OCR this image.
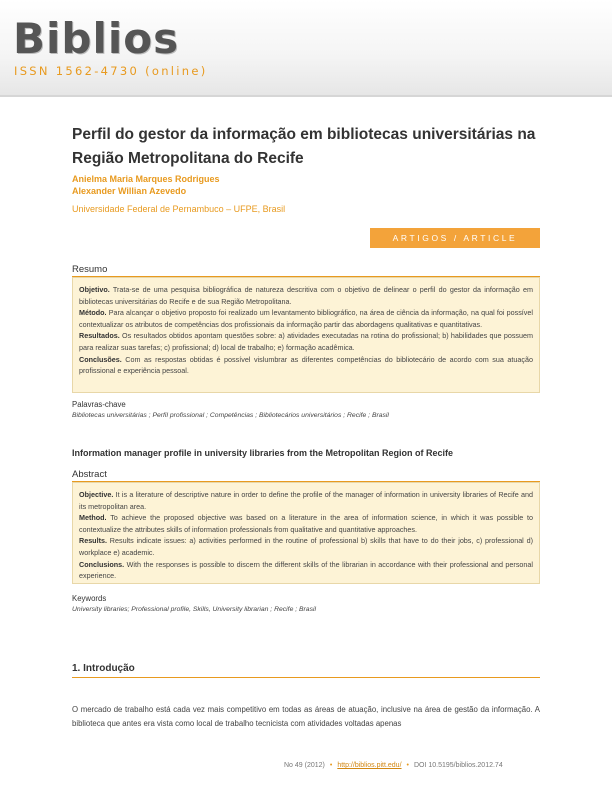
Biblios
ISSN 1562-4730 (online)
Perfil do gestor da informação em bibliotecas universitárias na Região Metropolitana do Recife
Anielma Maria Marques Rodrigues
Alexander Willian Azevedo
Universidade Federal de Pernambuco – UFPE, Brasil
ARTIGOS / ARTICLE
Resumo

Objetivo. Trata-se de uma pesquisa bibliográfica de natureza descritiva com o objetivo de delinear o perfil do gestor da informação em bibliotecas universitárias do Recife e de sua Região Metropolitana.

Método. Para alcançar o objetivo proposto foi realizado um levantamento bibliográfico, na área de ciência da informação, na qual foi possível contextualizar os atributos de competências dos profissionais da informação partir das abordagens qualitativas e quantitativas.

Resultados. Os resultados obtidos apontam questões sobre: a) atividades executadas na rotina do profissional; b) habilidades que possuem para realizar suas tarefas; c) profissional; d) local de trabalho; e) formação acadêmica.

Conclusões. Com as respostas obtidas é possível vislumbrar as diferentes competências do bibliotecário de acordo com sua atuação profissional e experiência pessoal.

Palavras-chave
Bibliotecas universitárias ; Perfil profissional ; Competências ; Bibliotecários universitários ; Recife ; Brasil
Information manager profile in university libraries from the Metropolitan Region of Recife
Abstract

Objective. It is a literature of descriptive nature in order to define the profile of the manager of information in university libraries of Recife and its metropolitan area.

Method. To achieve the proposed objective was based on a literature in the area of information science, in which it was possible to contextualize the attributes skills of information professionals from qualitative and quantitative approaches.

Results. Results indicate issues: a) activities performed in the routine of professional b) skills that have to do their jobs, c) professional d) workplace e) academic.

Conclusions. With the responses is possible to discern the different skills of the librarian in accordance with their professional and personal experience.

Keywords
University libraries; Professional profile, Skills, University librarian ; Recife ; Brasil
1. Introdução
O mercado de trabalho está cada vez mais competitivo em todas as áreas de atuação, inclusive na área de gestão da informação. A biblioteca que antes era vista como local de trabalho tecnicista com atividades voltadas apenas
No 49 (2012) • http://biblios.pitt.edu/ • DOI 10.5195/biblios.2012.74
